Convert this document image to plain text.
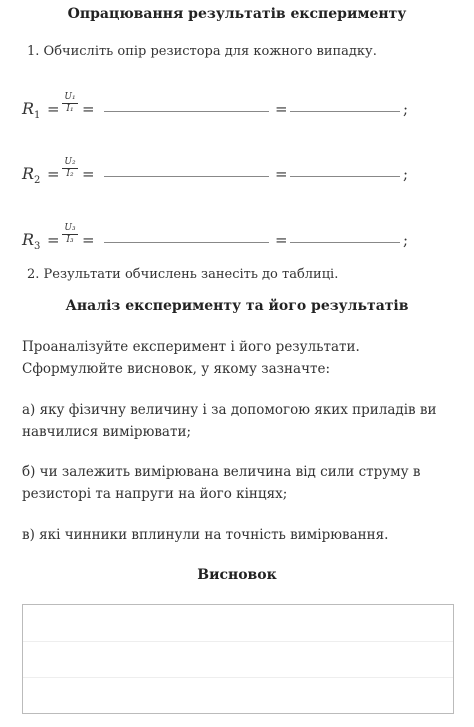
Опрацювання результатів експерименту
1. Обчисліть опір резистора для кожного випадку.
$R_1 = \frac{\text{U₁}}{\text{I₁}}$ =	=	;
$R_2 = \frac{\text{U₂}}{\text{I₂}}$ =	=	;
$R_3 = \frac{\text{U₃}}{\text{I₃}}$ =	=	;
2. Результати обчислень занесіть до таблиці.
Аналіз експерименту та його результатів
Проаналізуйте експеримент і його результати. Сформулюйте висновок, у якому зазначте:
а) яку фізичну величину і за допомогою яких приладів ви навчилися вимірювати;
б) чи залежить вимірювана величина від сили струму в резисторі та напруги на його кінцях;
в) які чинники вплинули на точність вимірювання.
Висновок
